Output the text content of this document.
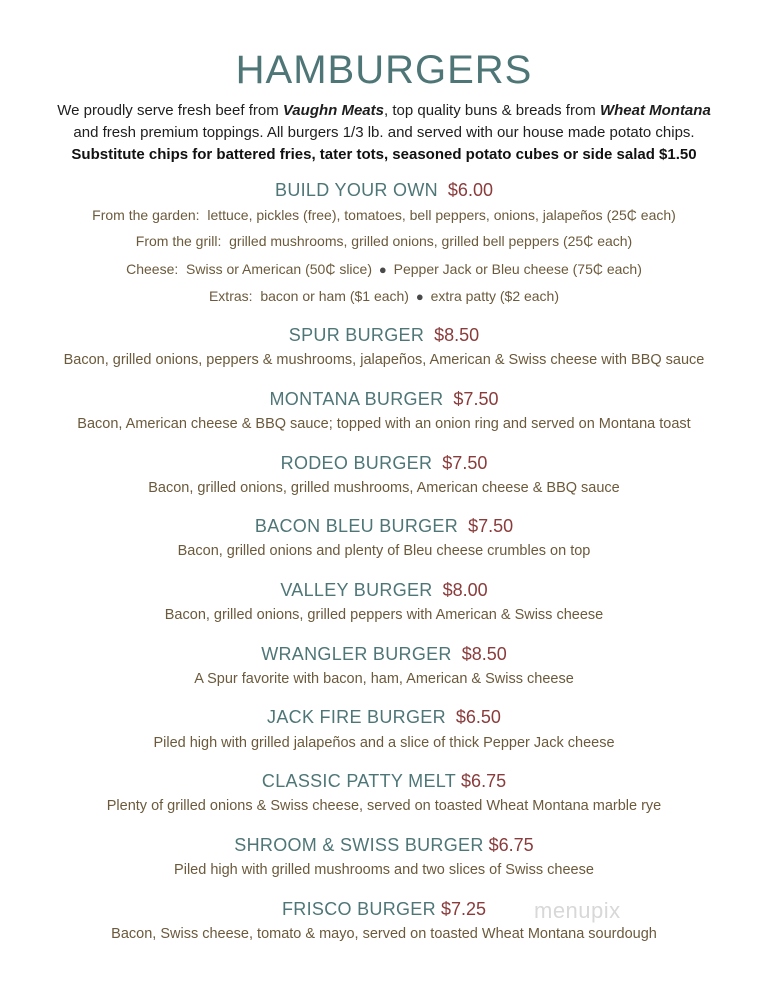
HAMBURGERS
We proudly serve fresh beef from Vaughn Meats, top quality buns & breads from Wheat Montana
and fresh premium toppings. All burgers 1/3 lb. and served with our house made potato chips.
Substitute chips for battered fries, tater tots, seasoned potato cubes or side salad $1.50
BUILD YOUR OWN $6.00
From the garden: lettuce, pickles (free), tomatoes, bell peppers, onions, jalapeños (25₵ each)
From the grill: grilled mushrooms, grilled onions, grilled bell peppers (25₵ each)
Cheese: Swiss or American (50₵ slice) ● Pepper Jack or Bleu cheese (75₵ each)
Extras: bacon or ham ($1 each) ● extra patty ($2 each)
SPUR BURGER $8.50
Bacon, grilled onions, peppers & mushrooms, jalapeños, American & Swiss cheese with BBQ sauce
MONTANA BURGER $7.50
Bacon, American cheese & BBQ sauce; topped with an onion ring and served on Montana toast
RODEO BURGER $7.50
Bacon, grilled onions, grilled mushrooms, American cheese & BBQ sauce
BACON BLEU BURGER $7.50
Bacon, grilled onions and plenty of Bleu cheese crumbles on top
VALLEY BURGER $8.00
Bacon, grilled onions, grilled peppers with American & Swiss cheese
WRANGLER BURGER $8.50
A Spur favorite with bacon, ham, American & Swiss cheese
JACK FIRE BURGER $6.50
Piled high with grilled jalapeños and a slice of thick Pepper Jack cheese
CLASSIC PATTY MELT $6.75
Plenty of grilled onions & Swiss cheese, served on toasted Wheat Montana marble rye
SHROOM & SWISS BURGER $6.75
Piled high with grilled mushrooms and two slices of Swiss cheese
FRISCO BURGER $7.25
Bacon, Swiss cheese, tomato & mayo, served on toasted Wheat Montana sourdough
menupix
